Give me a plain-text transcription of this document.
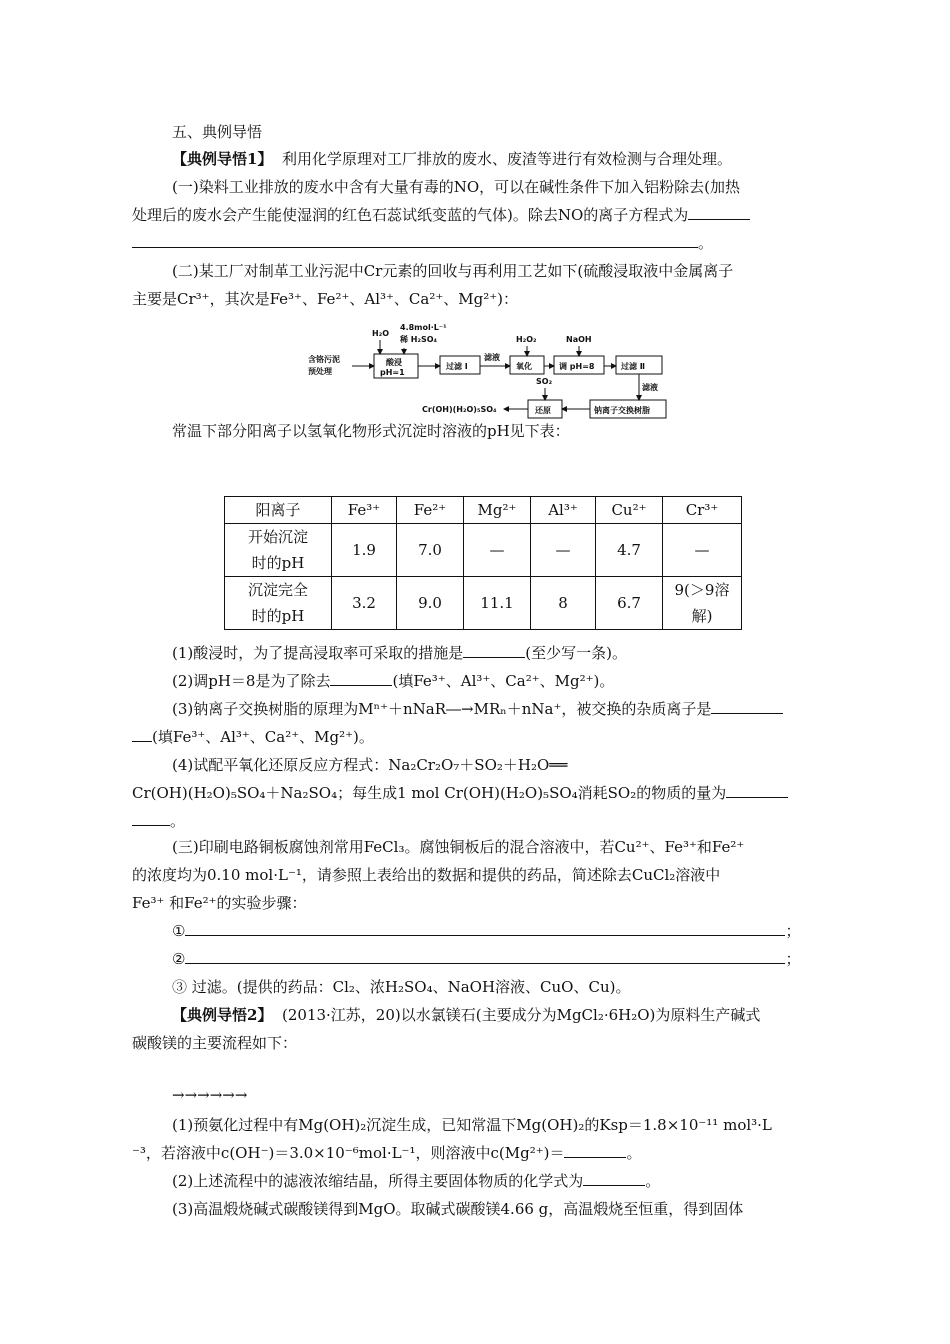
五、典例导悟
【典例导悟1】 利用化学原理对工厂排放的废水、废渣等进行有效检测与合理处理。
(一)染料工业排放的废水中含有大量有毒的NO，可以在碱性条件下加入铝粉除去(加热
处理后的废水会产生能使湿润的红色石蕊试纸变蓝的气体)。除去NO的离子方程式为
。
(二)某工厂对制革工业污泥中Cr元素的回收与再利用工艺如下(硫酸浸取液中金属离子
主要是Cr³⁺，其次是Fe³⁺、Fe²⁺、Al³⁺、Ca²⁺、Mg²⁺)：
H₂O
4.8mol·L⁻¹
稀 H₂SO₄
含铬污泥
预处理
酸浸
pH=1
过滤 Ⅰ
滤液
H₂O₂
氧化
NaOH
调 pH=8	过滤 Ⅱ
滤液
钠离子交换树脂
SO₂
还原
Cr(OH)(H₂O)₅SO₄
常温下部分阳离子以氢氧化物形式沉淀时溶液的pH见下表：
阳离子	Fe³⁺	Fe²⁺	Mg²⁺	Al³⁺	Cu²⁺	Cr³⁺
开始沉淀
时的pH	1.9	7.0	—	—	4.7	—
沉淀完全
时的pH	3.2	9.0	11.1	8	6.7	9(＞9溶
解)
(1)酸浸时，为了提高浸取率可采取的措施是	(至少写一条)。
(2)调pH＝8是为了除去	(填Fe³⁺、Al³⁺、Ca²⁺、Mg²⁺)。
(3)钠离子交换树脂的原理为Mⁿ⁺＋nNaR―→MRₙ＋nNa⁺，被交换的杂质离子是
(填Fe³⁺、Al³⁺、Ca²⁺、Mg²⁺)。
(4)试配平氧化还原反应方程式：Na₂Cr₂O₇＋SO₂＋H₂O══
Cr(OH)(H₂O)₅SO₄＋Na₂SO₄；每生成1 mol Cr(OH)(H₂O)₅SO₄消耗SO₂的物质的量为
。
(三)印刷电路铜板腐蚀剂常用FeCl₃。腐蚀铜板后的混合溶液中，若Cu²⁺、Fe³⁺和Fe²⁺
的浓度均为0.10 mol·L⁻¹，请参照上表给出的数据和提供的药品，简述除去CuCl₂溶液中
Fe³⁺ 和Fe²⁺的实验步骤：
①	；
②	；
③ 过滤。(提供的药品：Cl₂、浓H₂SO₄、NaOH溶液、CuO、Cu)。
【典例导悟2】 (2013·江苏，20)以水氯镁石(主要成分为MgCl₂·6H₂O)为原料生产碱式
碳酸镁的主要流程如下：
→→→→→→
(1)预氨化过程中有Mg(OH)₂沉淀生成，已知常温下Mg(OH)₂的Ksp＝1.8×10⁻¹¹ mol³·L
⁻³，若溶液中c(OH⁻)＝3.0×10⁻⁶mol·L⁻¹，则溶液中c(Mg²⁺)＝	。
(2)上述流程中的滤液浓缩结晶，所得主要固体物质的化学式为	。
(3)高温煅烧碱式碳酸镁得到MgO。取碱式碳酸镁4.66 g，高温煅烧至恒重，得到固体
